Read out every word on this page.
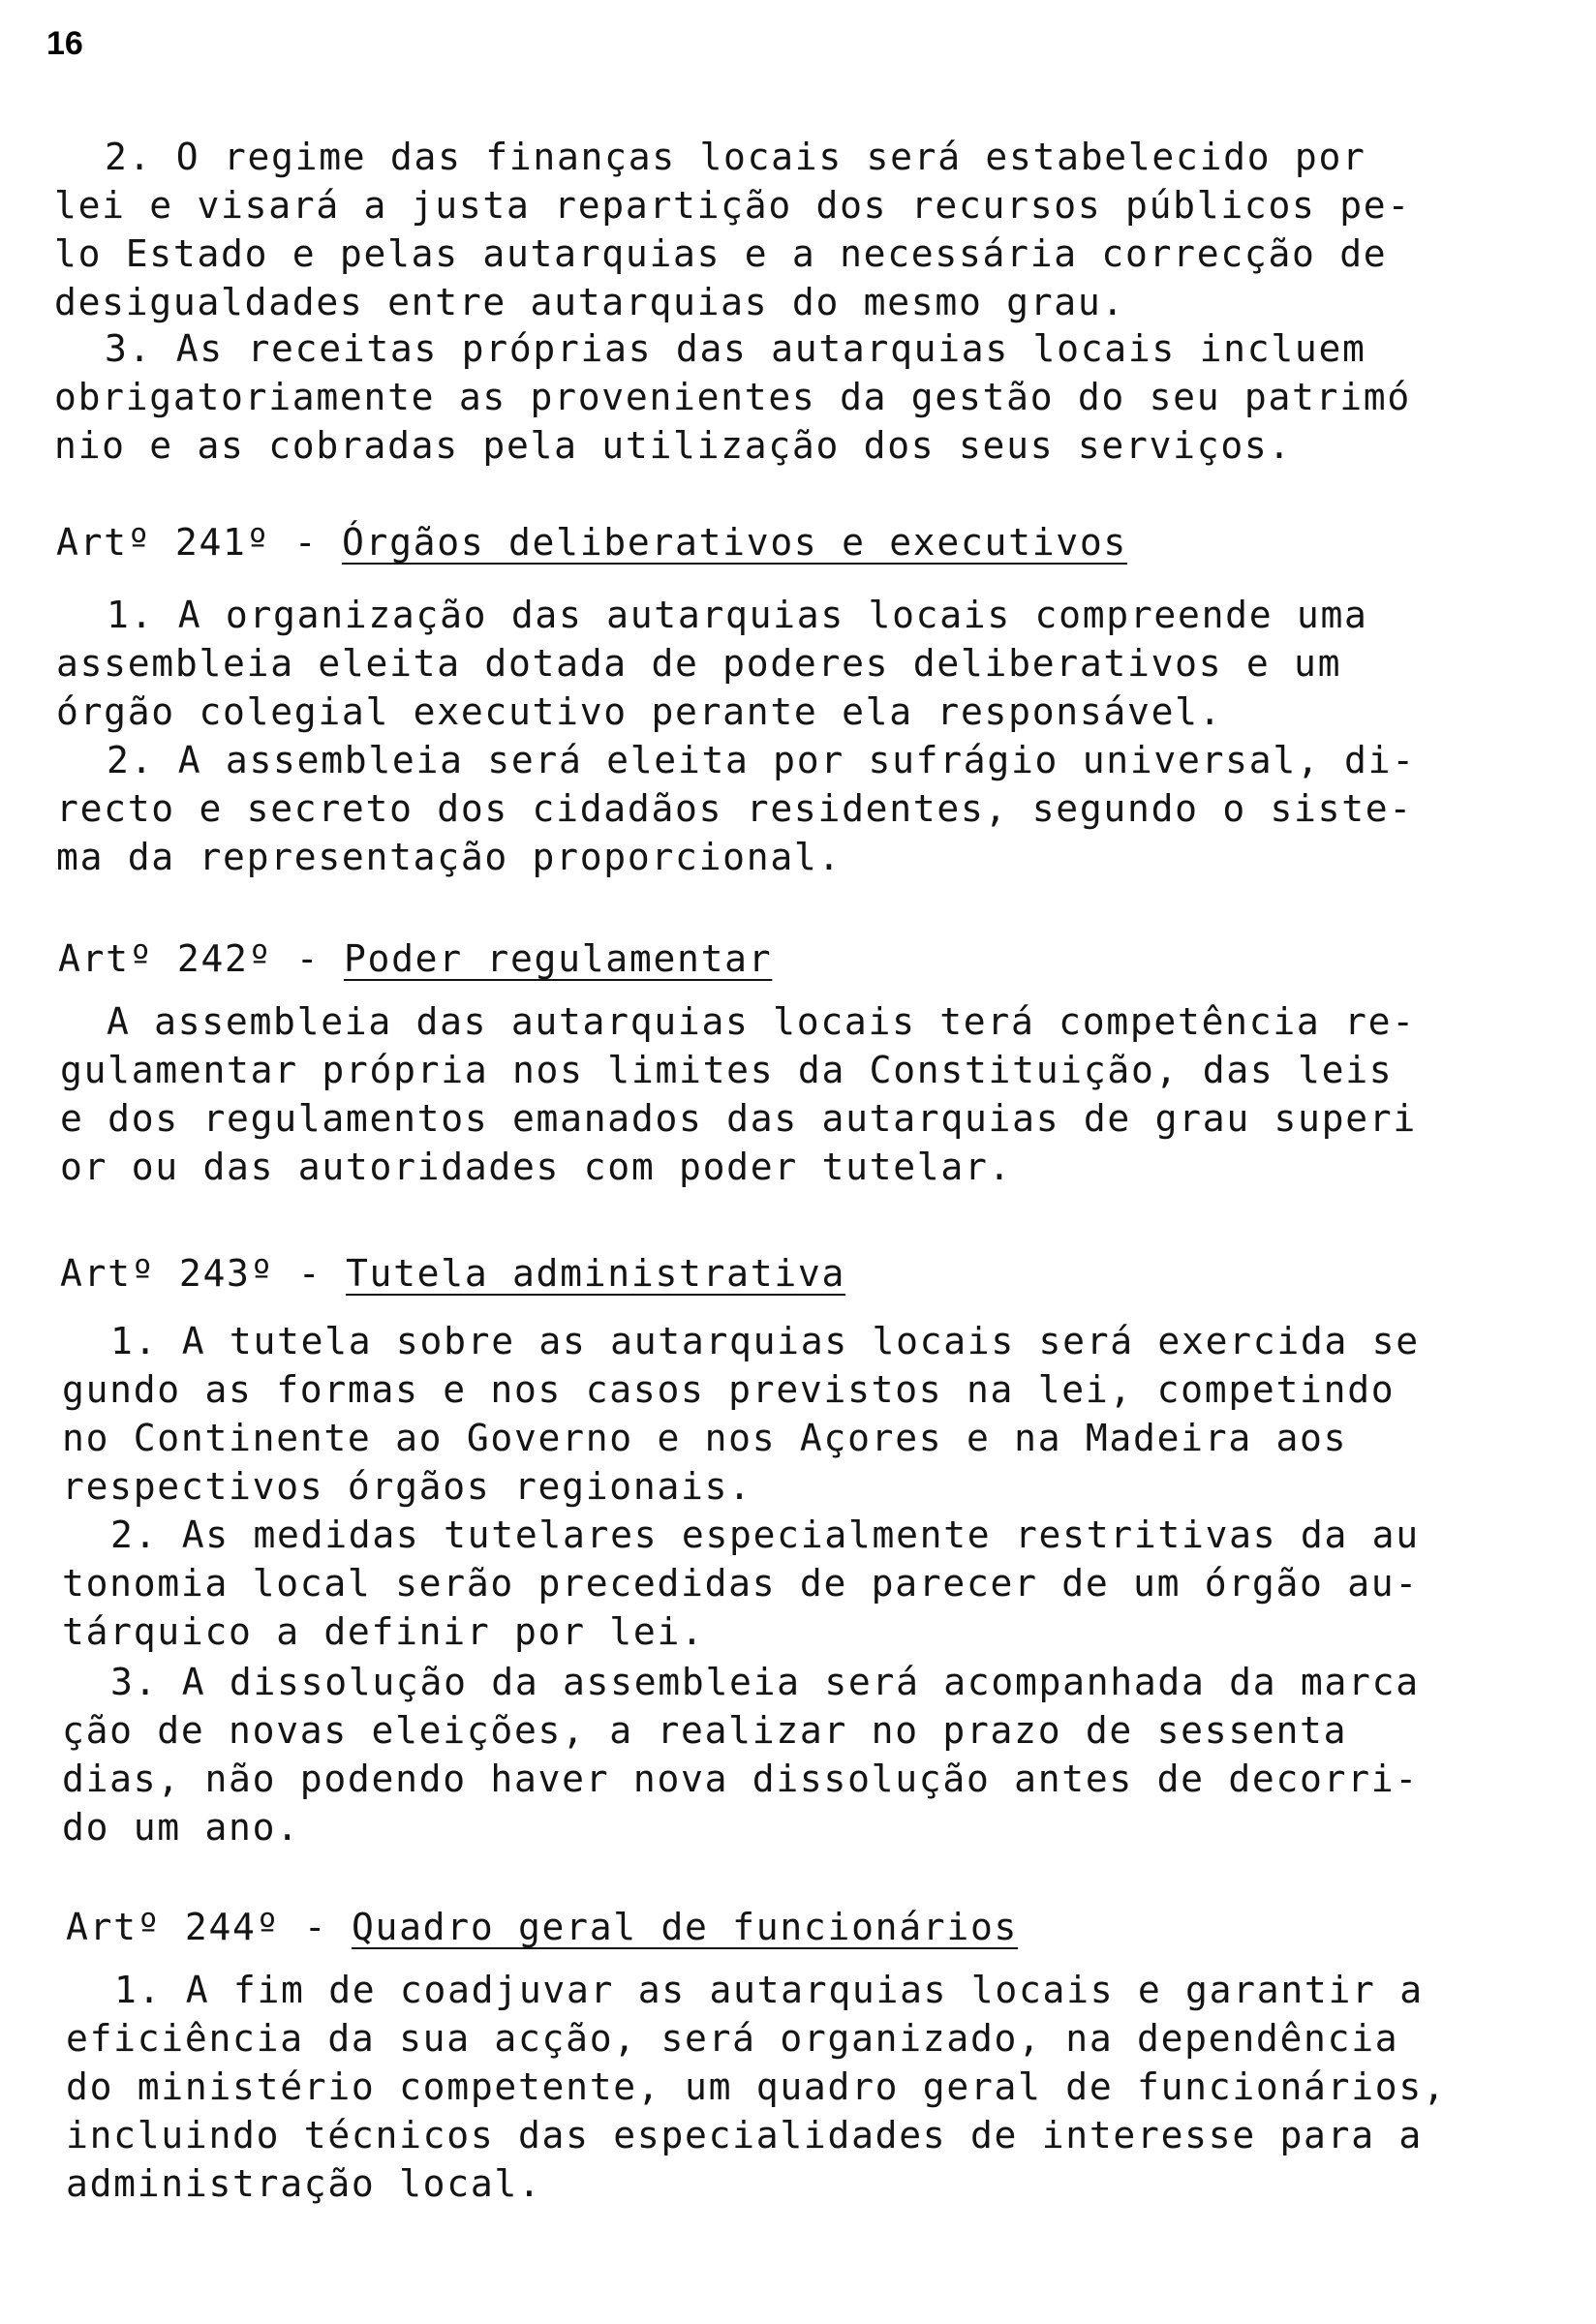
16
2. O regime das finanças locais será estabelecido por
lei e visará a justa repartição dos recursos públicos pe-
lo Estado e pelas autarquias e a necessária correcção de
desigualdades entre autarquias do mesmo grau.
3. As receitas próprias das autarquias locais incluem
obrigatoriamente as provenientes da gestão do seu patrimó
nio e as cobradas pela utilização dos seus serviços.
Artº 241º - Órgãos deliberativos e executivos
1. A organização das autarquias locais compreende uma
assembleia eleita dotada de poderes deliberativos e um
órgão colegial executivo perante ela responsável.
2. A assembleia será eleita por sufrágio universal, di-
recto e secreto dos cidadãos residentes, segundo o siste-
ma da representação proporcional.
Artº 242º - Poder regulamentar
A assembleia das autarquias locais terá competência re-
gulamentar própria nos limites da Constituição, das leis
e dos regulamentos emanados das autarquias de grau superi
or ou das autoridades com poder tutelar.
Artº 243º - Tutela administrativa
1. A tutela sobre as autarquias locais será exercida se
gundo as formas e nos casos previstos na lei, competindo
no Continente ao Governo e nos Açores e na Madeira aos
respectivos órgãos regionais.
2. As medidas tutelares especialmente restritivas da au
tonomia local serão precedidas de parecer de um órgão au-
tárquico a definir por lei.
3. A dissolução da assembleia será acompanhada da marca
ção de novas eleições, a realizar no prazo de sessenta
dias, não podendo haver nova dissolução antes de decorri-
do um ano.
Artº 244º - Quadro geral de funcionários
1. A fim de coadjuvar as autarquias locais e garantir a
eficiência da sua acção, será organizado, na dependência
do ministério competente, um quadro geral de funcionários,
incluindo técnicos das especialidades de interesse para a
administração local.
